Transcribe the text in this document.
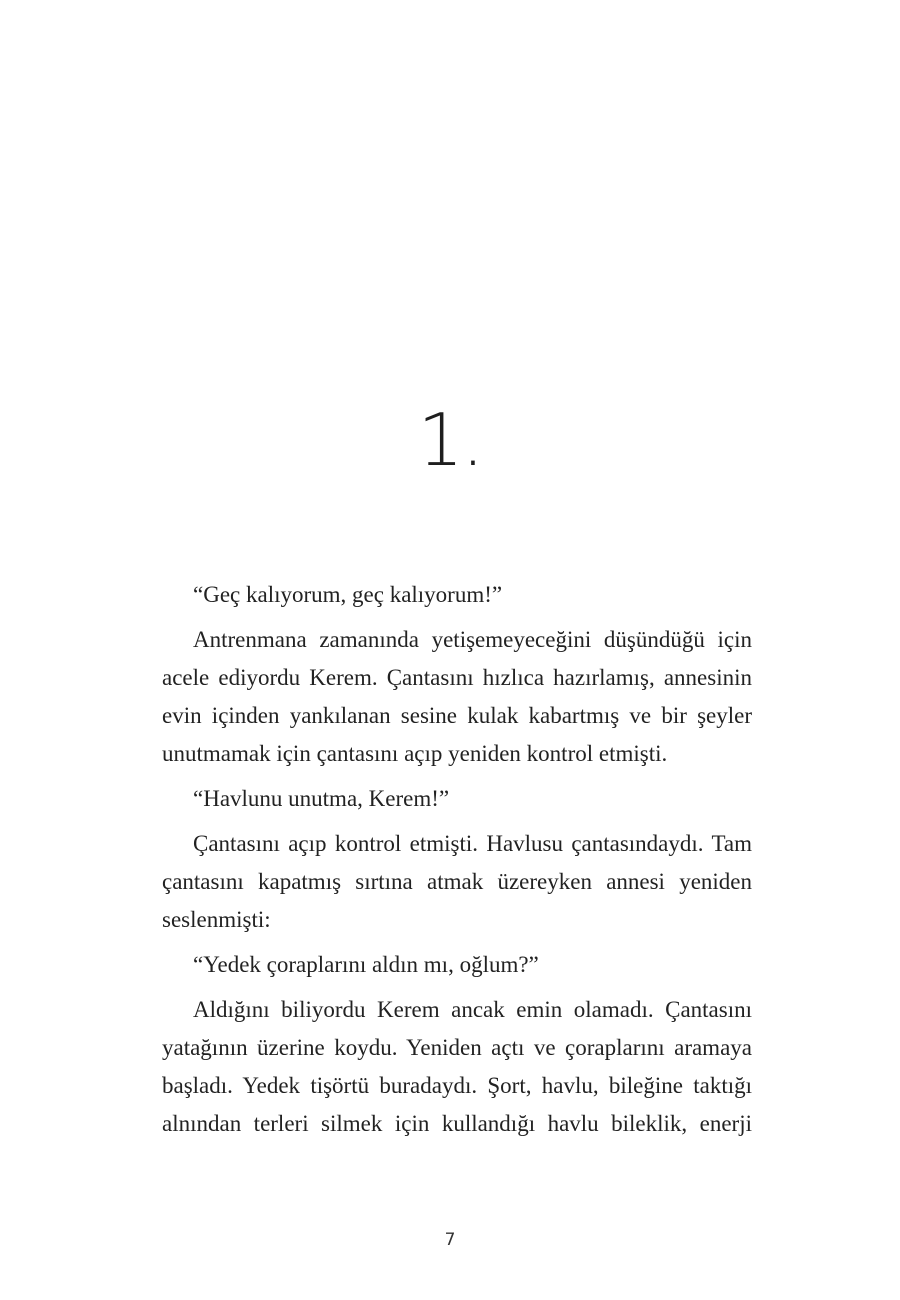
1.

“Geç kalıyorum, geç kalıyorum!”

Antrenmana zamanında yetişemeyeceğini düşündüğü için acele ediyordu Kerem. Çantasını hızlıca hazırlamış, annesinin evin içinden yankılanan sesine kulak kabartmış ve bir şeyler unutmamak için çantasını açıp yeniden kontrol etmişti.

“Havlunu unutma, Kerem!”

Çantasını açıp kontrol etmişti. Havlusu çantasındaydı. Tam çantasını kapatmış sırtına atmak üzereyken annesi yeniden seslenmişti:

“Yedek çoraplarını aldın mı, oğlum?”

Aldığını biliyordu Kerem ancak emin olamadı. Çantasını yatağının üzerine koydu. Yeniden açtı ve çoraplarını aramaya başladı. Yedek tişörtü buradaydı. Şort, havlu, bileğine taktığı alnından terleri silmek için kullandığı havlu bileklik, enerji

7
